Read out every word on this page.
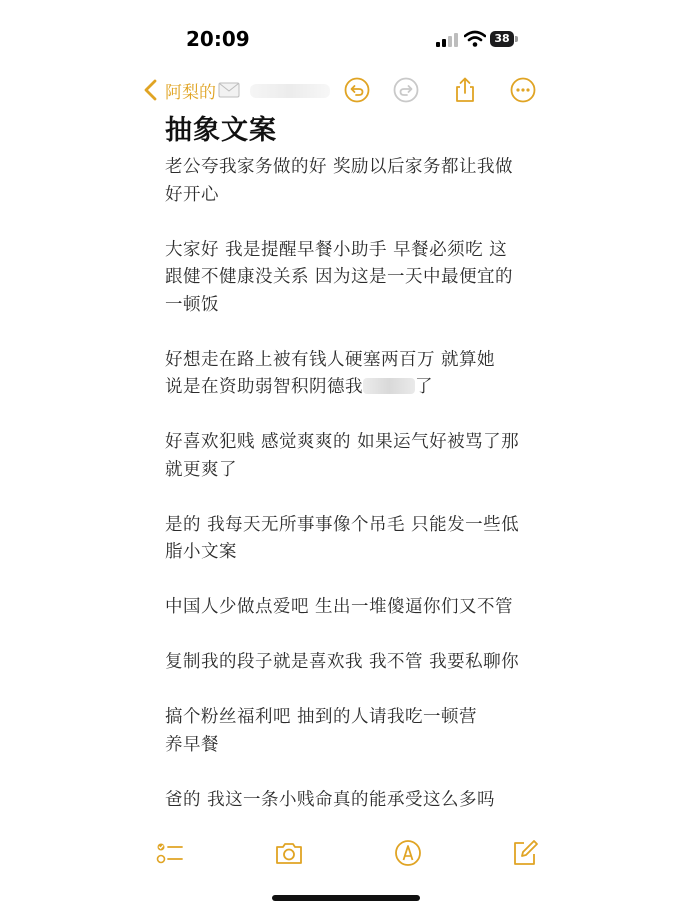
20:09	38
阿梨的
抽象文案

老公夸我家务做的好 奖励以后家务都让我做
好开心

大家好 我是提醒早餐小助手 早餐必须吃 这
跟健不健康没关系 因为这是一天中最便宜的
一顿饭

好想走在路上被有钱人硬塞两百万 就算她
说是在资助弱智积阴德我	了

好喜欢犯贱 感觉爽爽的 如果运气好被骂了那
就更爽了

是的 我每天无所事事像个吊毛 只能发一些低
脂小文案

中国人少做点爱吧 生出一堆傻逼你们又不管

复制我的段子就是喜欢我 我不管 我要私聊你

搞个粉丝福利吧 抽到的人请我吃一顿营
养早餐

爸的 我这一条小贱命真的能承受这么多吗
